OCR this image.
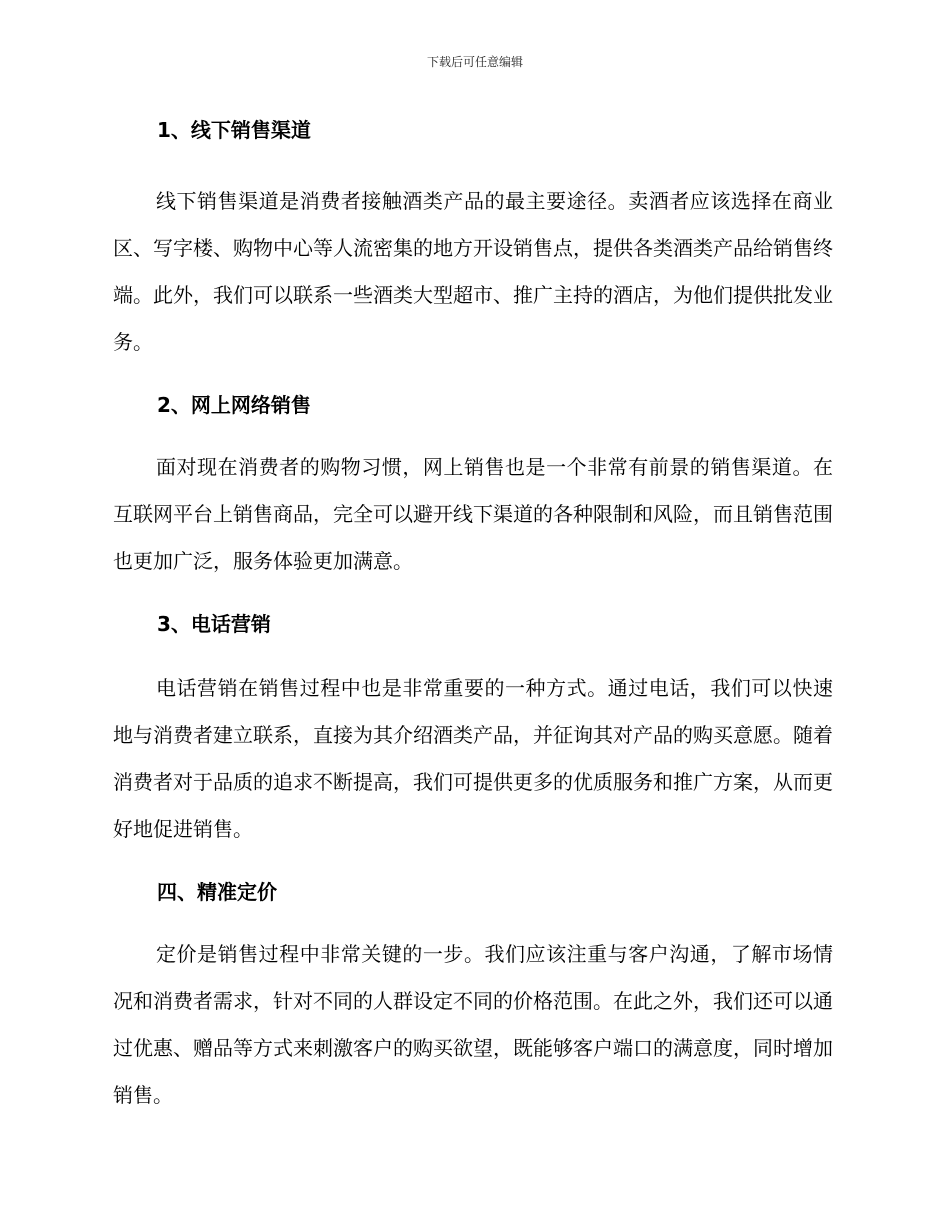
下载后可任意编辑
1、线下销售渠道

线下销售渠道是消费者接触酒类产品的最主要途径。卖酒者应该选择在商业区、写字楼、购物中心等人流密集的地方开设销售点，提供各类酒类产品给销售终端。此外，我们可以联系一些酒类大型超市、推广主持的酒店，为他们提供批发业务。

2、网上网络销售

面对现在消费者的购物习惯，网上销售也是一个非常有前景的销售渠道。在互联网平台上销售商品，完全可以避开线下渠道的各种限制和风险，而且销售范围也更加广泛，服务体验更加满意。

3、电话营销

电话营销在销售过程中也是非常重要的一种方式。通过电话，我们可以快速地与消费者建立联系，直接为其介绍酒类产品，并征询其对产品的购买意愿。随着消费者对于品质的追求不断提高，我们可提供更多的优质服务和推广方案，从而更好地促进销售。

四、精准定价

定价是销售过程中非常关键的一步。我们应该注重与客户沟通，了解市场情况和消费者需求，针对不同的人群设定不同的价格范围。在此之外，我们还可以通过优惠、赠品等方式来刺激客户的购买欲望，既能够客户端口的满意度，同时增加销售。
